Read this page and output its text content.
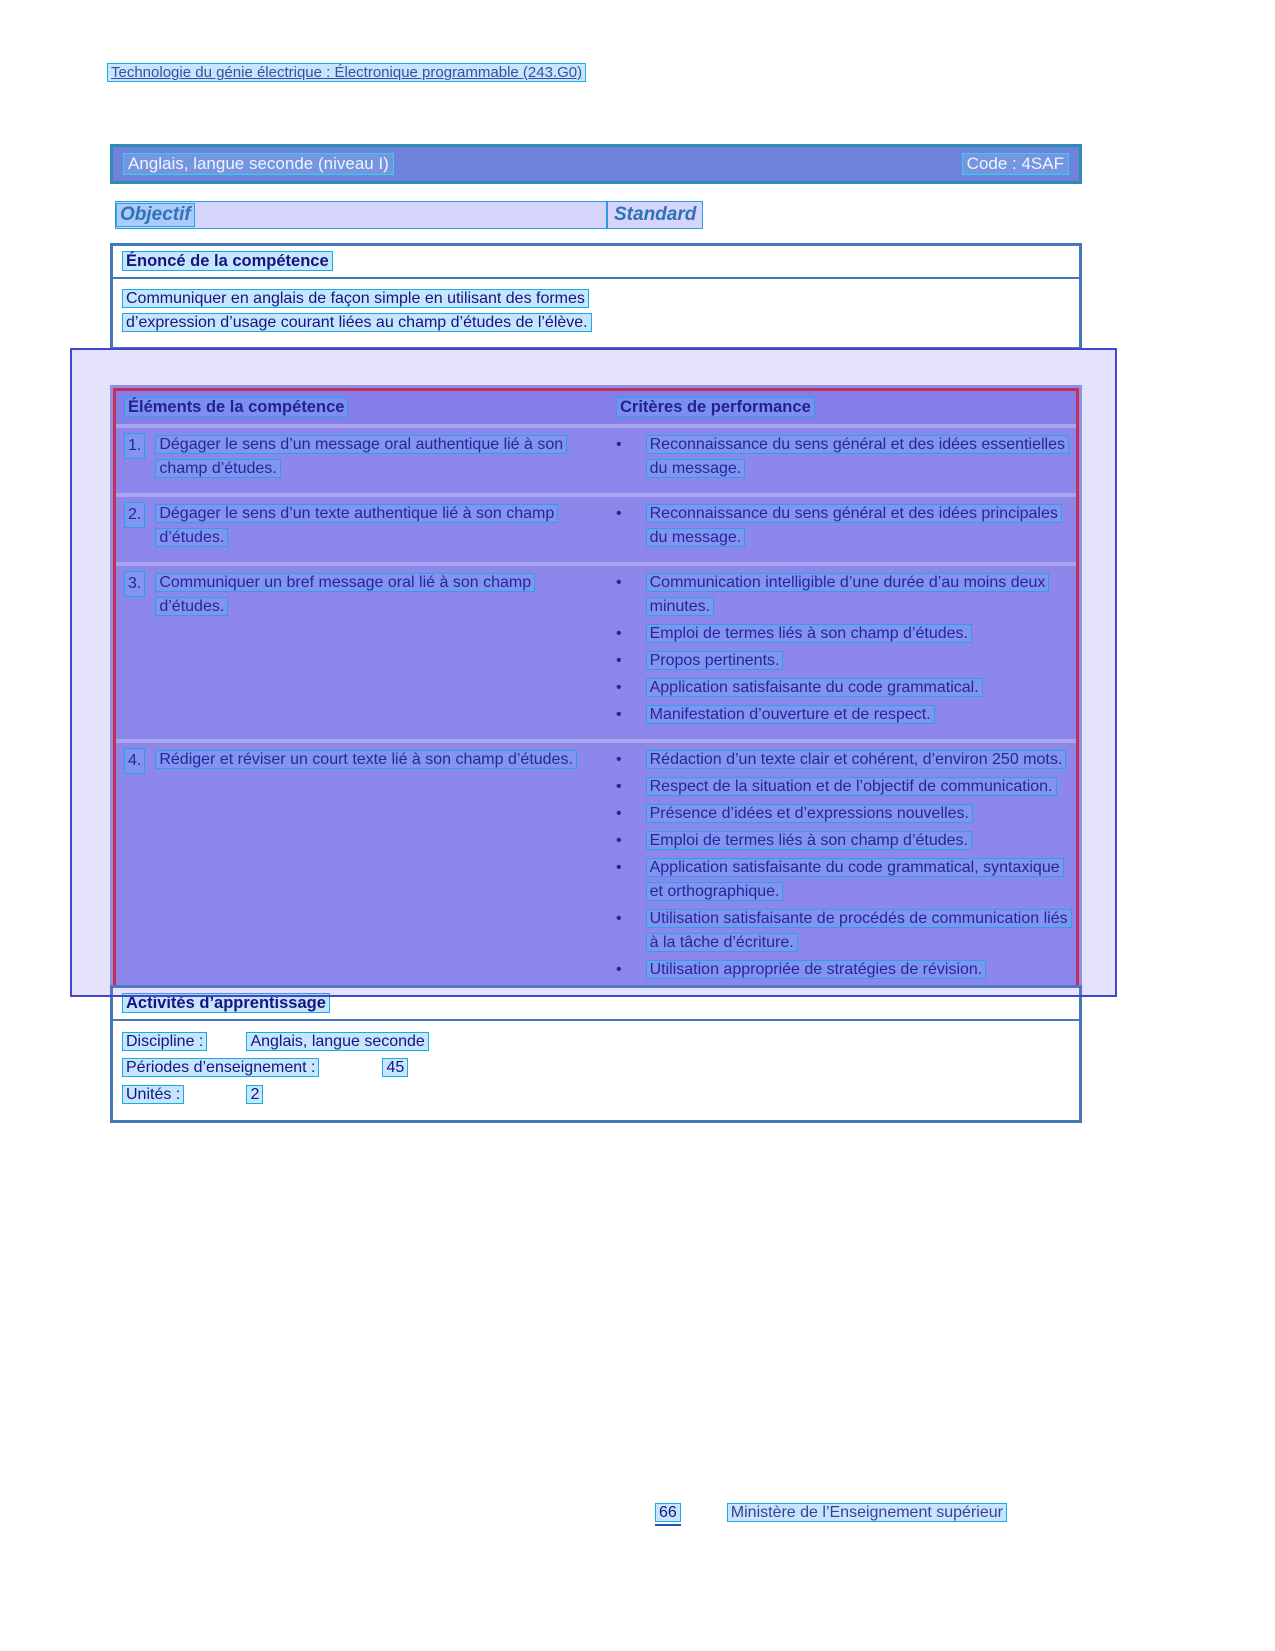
Technologie du génie électrique : Électronique programmable (243.G0)
Anglais, langue seconde (niveau I)	Code : 4SAF
Objectif	Standard
Énoncé de la compétence
Communiquer en anglais de façon simple en utilisant des formes d’expression d’usage courant liées au champ d’études de l’élève.
Éléments de la compétence	Critères de performance
1. Dégager le sens d’un message oral authentique lié à son champ d’études.
• Reconnaissance du sens général et des idées essentielles du message.
2. Dégager le sens d’un texte authentique lié à son champ d’études.
• Reconnaissance du sens général et des idées principales du message.
3. Communiquer un bref message oral lié à son champ d’études.
• Communication intelligible d’une durée d’au moins deux minutes.
• Emploi de termes liés à son champ d’études.
• Propos pertinents.
• Application satisfaisante du code grammatical.
• Manifestation d’ouverture et de respect.
4. Rédiger et réviser un court texte lié à son champ d’études.	• Rédaction d’un texte clair et cohérent, d’environ 250 mots.
• Respect de la situation et de l’objectif de communication.
• Présence d’idées et d’expressions nouvelles.
• Emploi de termes liés à son champ d’études.
• Application satisfaisante du code grammatical, syntaxique et orthographique.
• Utilisation satisfaisante de procédés de communication liés à la tâche d’écriture.
• Utilisation appropriée de stratégies de révision.
Activités d’apprentissage
Discipline :	Anglais, langue seconde
Périodes d’enseignement :	45
Unités :	2
66	Ministère de l’Enseignement supérieur
